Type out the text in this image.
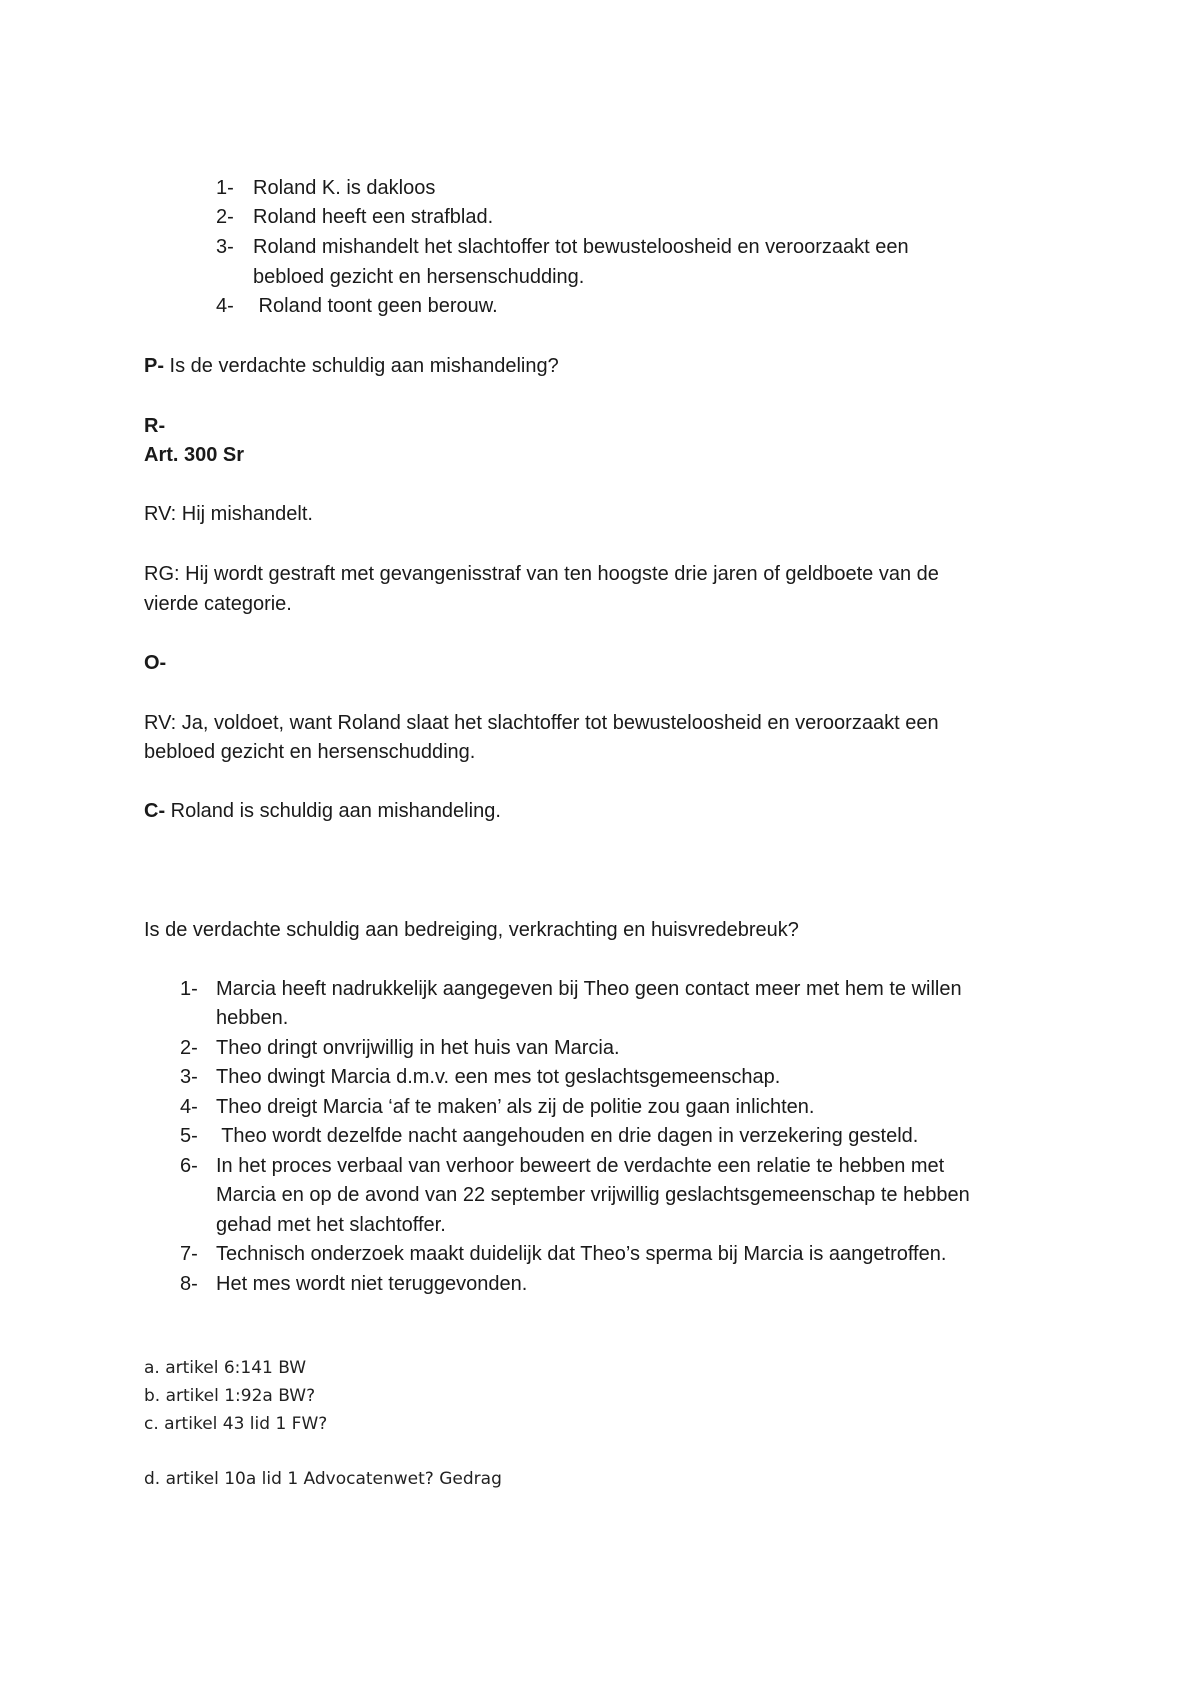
1- Roland K. is dakloos
2- Roland heeft een strafblad.
3- Roland mishandelt het slachtoffer tot bewusteloosheid en veroorzaakt een
bebloed gezicht en hersenschudding.
4- Roland toont geen berouw.
P- Is de verdachte schuldig aan mishandeling?
R-
Art. 300 Sr
RV: Hij mishandelt.
RG: Hij wordt gestraft met gevangenisstraf van ten hoogste drie jaren of geldboete van de
vierde categorie.
O-
RV: Ja, voldoet, want Roland slaat het slachtoffer tot bewusteloosheid en veroorzaakt een
bebloed gezicht en hersenschudding.
C- Roland is schuldig aan mishandeling.
Is de verdachte schuldig aan bedreiging, verkrachting en huisvredebreuk?
1- Marcia heeft nadrukkelijk aangegeven bij Theo geen contact meer met hem te willen
hebben.
2- Theo dringt onvrijwillig in het huis van Marcia.
3- Theo dwingt Marcia d.m.v. een mes tot geslachtsgemeenschap.
4- Theo dreigt Marcia ‘af te maken’ als zij de politie zou gaan inlichten.
5- Theo wordt dezelfde nacht aangehouden en drie dagen in verzekering gesteld.
6- In het proces verbaal van verhoor beweert de verdachte een relatie te hebben met
Marcia en op de avond van 22 september vrijwillig geslachtsgemeenschap te hebben
gehad met het slachtoffer.
7- Technisch onderzoek maakt duidelijk dat Theo’s sperma bij Marcia is aangetroffen.
8- Het mes wordt niet teruggevonden.
a. artikel 6:141 BW
b. artikel 1:92a BW?
c. artikel 43 lid 1 FW?
d. artikel 10a lid 1 Advocatenwet? Gedrag
